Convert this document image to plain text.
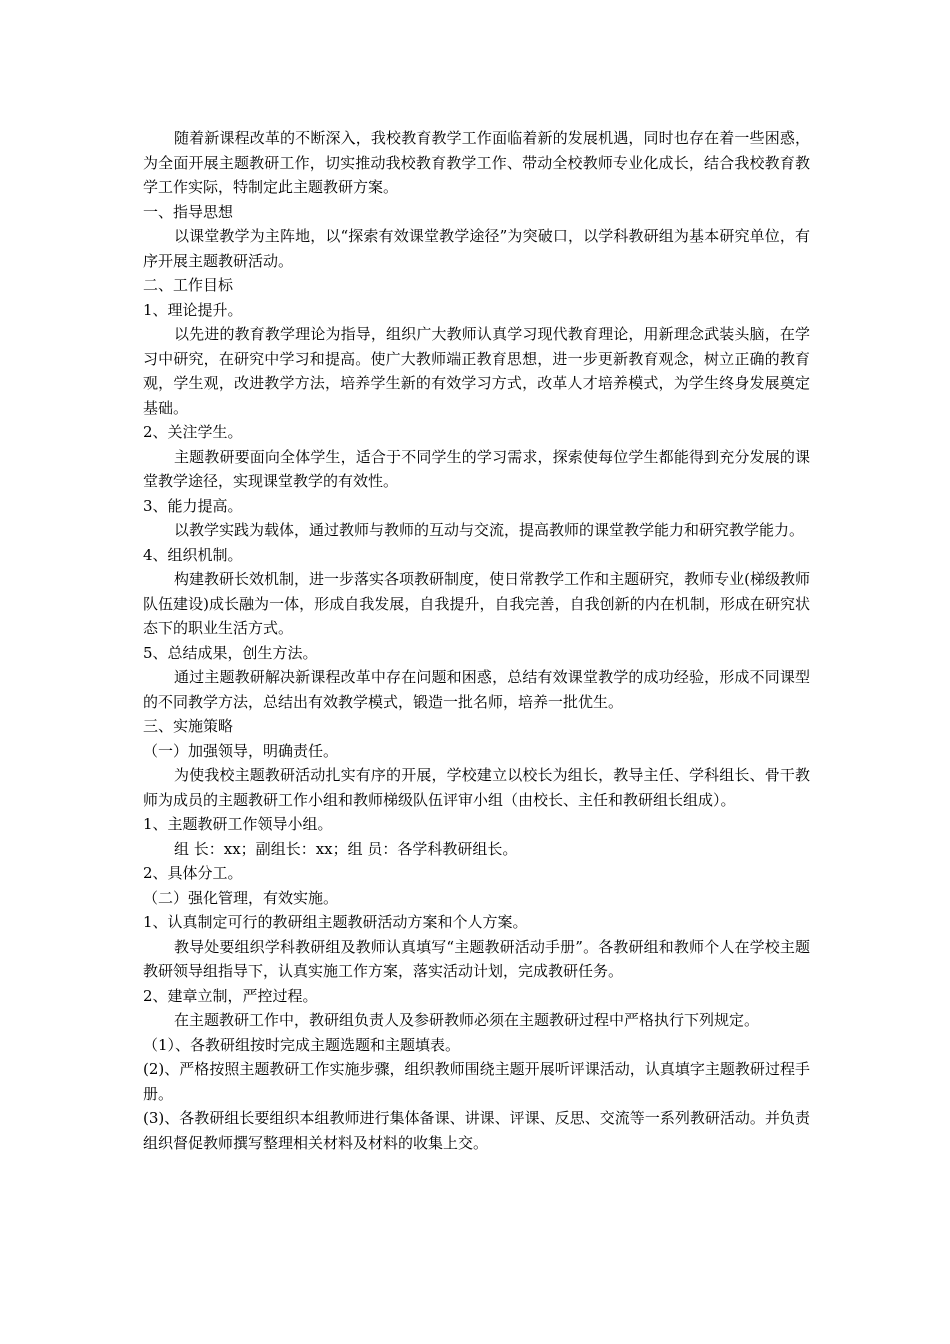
随着新课程改革的不断深入，我校教育教学工作面临着新的发展机遇，同时也存在着一些困惑，为全面开展主题教研工作，切实推动我校教育教学工作、带动全校教师专业化成长，结合我校教育教学工作实际，特制定此主题教研方案。

一、指导思想

以课堂教学为主阵地，以“探索有效课堂教学途径”为突破口，以学科教研组为基本研究单位，有序开展主题教研活动。

二、工作目标

1、理论提升。

以先进的教育教学理论为指导，组织广大教师认真学习现代教育理论，用新理念武装头脑，在学习中研究，在研究中学习和提高。使广大教师端正教育思想，进一步更新教育观念，树立正确的教育观，学生观，改进教学方法，培养学生新的有效学习方式，改革人才培养模式，为学生终身发展奠定基础。

2、关注学生。

主题教研要面向全体学生，适合于不同学生的学习需求，探索使每位学生都能得到充分发展的课堂教学途径，实现课堂教学的有效性。

3、能力提高。

以教学实践为载体，通过教师与教师的互动与交流，提高教师的课堂教学能力和研究教学能力。

4、组织机制。

构建教研长效机制，进一步落实各项教研制度，使日常教学工作和主题研究，教师专业(梯级教师队伍建设)成长融为一体，形成自我发展，自我提升，自我完善，自我创新的内在机制，形成在研究状态下的职业生活方式。

5、总结成果，创生方法。

通过主题教研解决新课程改革中存在问题和困惑，总结有效课堂教学的成功经验，形成不同课型的不同教学方法，总结出有效教学模式，锻造一批名师，培养一批优生。

三、实施策略

（一）加强领导，明确责任。

为使我校主题教研活动扎实有序的开展，学校建立以校长为组长，教导主任、学科组长、骨干教师为成员的主题教研工作小组和教师梯级队伍评审小组（由校长、主任和教研组长组成）。

1、主题教研工作领导小组。

组 长：xx；副组长：xx；组 员：各学科教研组长。

2、具体分工。

（二）强化管理，有效实施。

1、认真制定可行的教研组主题教研活动方案和个人方案。

教导处要组织学科教研组及教师认真填写“主题教研活动手册”。各教研组和教师个人在学校主题教研领导组指导下，认真实施工作方案，落实活动计划，完成教研任务。

2、建章立制，严控过程。

在主题教研工作中，教研组负责人及参研教师必须在主题教研过程中严格执行下列规定。

（1）、各教研组按时完成主题选题和主题填表。

(2)、严格按照主题教研工作实施步骤，组织教师围绕主题开展听评课活动，认真填字主题教研过程手册。

(3)、各教研组长要组织本组教师进行集体备课、讲课、评课、反思、交流等一系列教研活动。并负责组织督促教师撰写整理相关材料及材料的收集上交。
